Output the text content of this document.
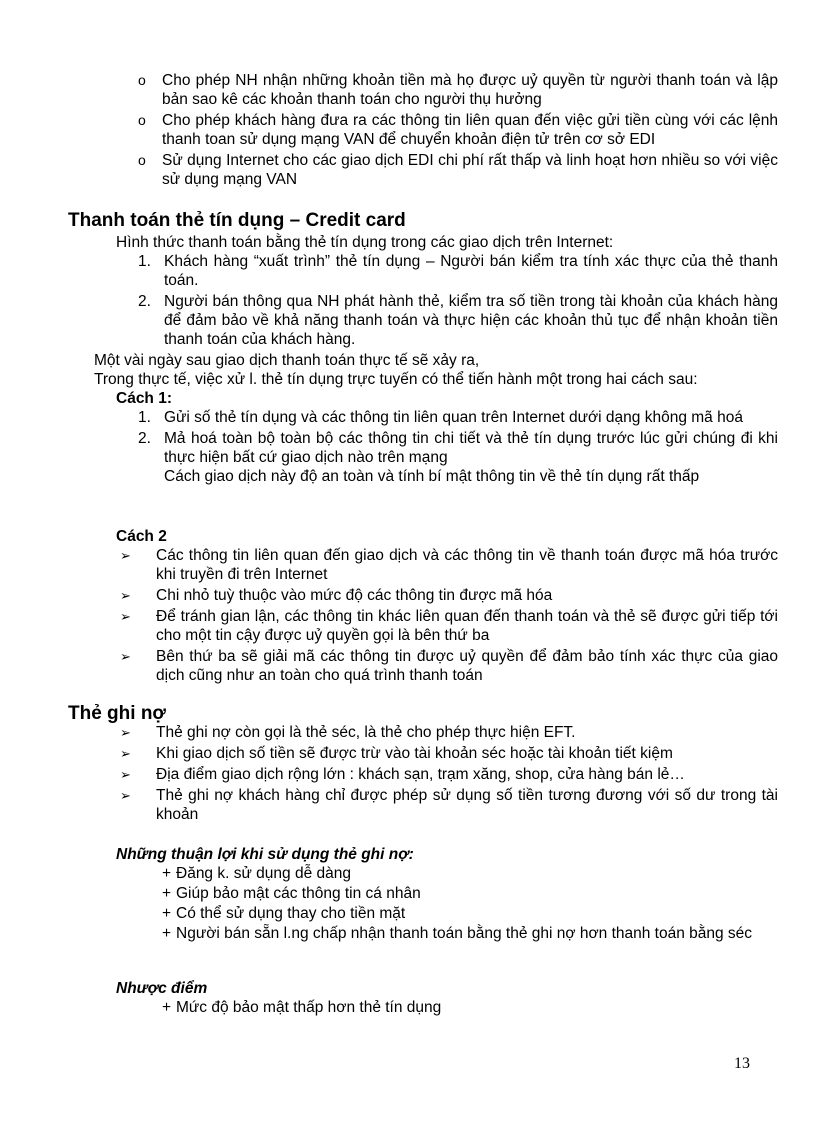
o Cho phép NH nhận những khoản tiền mà họ được uỷ quyền từ người thanh toán và lập bản sao kê các khoản thanh toán cho người thụ hưởng
o Cho phép khách hàng đưa ra các thông tin liên quan đến việc gửi tiền cùng với các lệnh thanh toan sử dụng mạng VAN để chuyển khoản điện tử trên cơ sở EDI
o Sử dụng Internet cho các giao dịch EDI chi phí rất thấp và linh hoạt hơn nhiều so với việc sử dụng mạng VAN
Thanh toán thẻ tín dụng – Credit card

Hình thức thanh toán bằng thẻ tín dụng trong các giao dịch trên Internet:

1. Khách hàng “xuất trình” thẻ tín dụng – Người bán kiểm tra tính xác thực của thẻ thanh toán.
2. Người bán thông qua NH phát hành thẻ, kiểm tra số tiền trong tài khoản của khách hàng để đảm bảo về khả năng thanh toán và thực hiện các khoản thủ tục để nhận khoản tiền thanh toán của khách hàng.

Một vài ngày sau giao dịch thanh toán thực tế sẽ xảy ra,

Trong thực tế, việc xử l. thẻ tín dụng trực tuyến có thể tiến hành một trong hai cách sau:

Cách 1:

1. Gửi số thẻ tín dụng và các thông tin liên quan trên Internet dưới dạng không mã hoá
2. Mả hoá toàn bộ toàn bộ các thông tin chi tiết và thẻ tín dụng trước lúc gửi chúng đi khi thực hiện bất cứ giao dịch nào trên mạng

Cách giao dịch này độ an toàn và tính bí mật thông tin về thẻ tín dụng rất thấp

Cách 2

➢ Các thông tin liên quan đến giao dịch và các thông tin về thanh toán được mã hóa trước khi truyền đi trên Internet
➢ Chi nhỏ tuỳ thuộc vào mức độ các thông tin được mã hóa
➢ Để tránh gian lận, các thông tin khác liên quan đến thanh toán và thẻ sẽ được gửi tiếp tới cho một tin cậy được uỷ quyền gọi là bên thứ ba
➢ Bên thứ ba sẽ giải mã các thông tin được uỷ quyền để đảm bảo tính xác thực của giao dịch cũng như an toàn cho quá trình thanh toán
Thẻ ghi nợ
➢ Thẻ ghi nợ còn gọi là thẻ séc, là thẻ cho phép thực hiện EFT.
➢ Khi giao dịch số tiền sẽ được trừ vào tài khoản séc hoặc tài khoản tiết kiệm
➢ Địa điểm giao dịch rộng lớn : khách sạn, trạm xăng, shop, cửa hàng bán lẻ…
➢ Thẻ ghi nợ khách hàng chỉ được phép sử dụng số tiền tương đương với số dư trong tài khoản

Những thuận lợi khi sử dụng thẻ ghi nợ:

+ Đăng k. sử dụng dễ dàng
+ Giúp bảo mật các thông tin cá nhân
+ Có thể sử dụng thay cho tiền mặt
+ Người bán sẵn l.ng chấp nhận thanh toán bằng thẻ ghi nợ hơn thanh toán bằng séc

Nhược điểm

+ Mức độ bảo mật thấp hơn thẻ tín dụng
13
